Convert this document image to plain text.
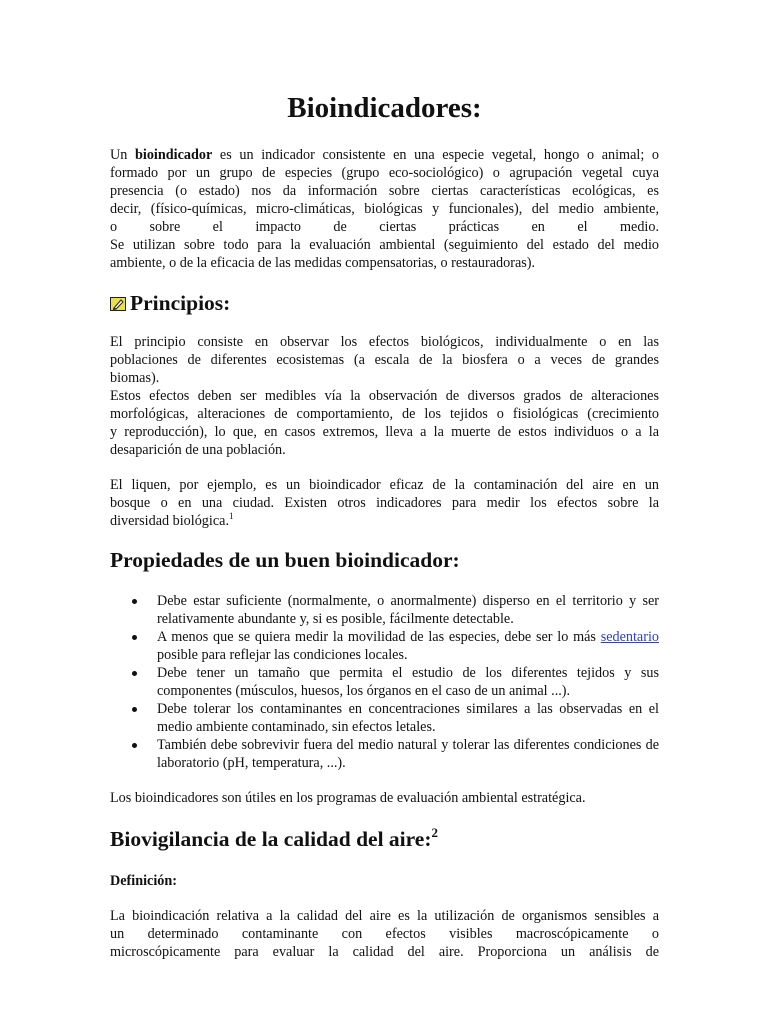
Bioindicadores:
Un bioindicador es un indicador consistente en una especie vegetal, hongo o animal; o
formado por un grupo de especies (grupo eco-sociológico) o agrupación vegetal cuya
presencia (o estado) nos da información sobre ciertas características ecológicas, es
decir, (físico-químicas, micro-climáticas, biológicas y funcionales), del medio ambiente,
o sobre el impacto de ciertas prácticas en el medio.
Se utilizan sobre todo para la evaluación ambiental (seguimiento del estado del medio
ambiente, o de la eficacia de las medidas compensatorias, o restauradoras).
Principios:
El principio consiste en observar los efectos biológicos, individualmente o en las
poblaciones de diferentes ecosistemas (a escala de la biosfera o a veces de grandes
biomas).
Estos efectos deben ser medibles vía la observación de diversos grados de alteraciones
morfológicas, alteraciones de comportamiento, de los tejidos o fisiológicas (crecimiento
y reproducción), lo que, en casos extremos, lleva a la muerte de estos individuos o a la
desaparición de una población.
El liquen, por ejemplo, es un bioindicador eficaz de la contaminación del aire en un
bosque o en una ciudad. Existen otros indicadores para medir los efectos sobre la
diversidad biológica.$^1$
Propiedades de un buen bioindicador:
Debe estar suficiente (normalmente, o anormalmente) disperso en el territorio y ser relativamente abundante y, si es posible, fácilmente detectable.
A menos que se quiera medir la movilidad de las especies, debe ser lo más sedentario posible para reflejar las condiciones locales.
Debe tener un tamaño que permita el estudio de los diferentes tejidos y sus componentes (músculos, huesos, los órganos en el caso de un animal ...).
Debe tolerar los contaminantes en concentraciones similares a las observadas en el medio ambiente contaminado, sin efectos letales.
También debe sobrevivir fuera del medio natural y tolerar las diferentes condiciones de laboratorio (pH, temperatura, ...).
Los bioindicadores son útiles en los programas de evaluación ambiental estratégica.
Biovigilancia de la calidad del aire:$^2$
Definición:
La bioindicación relativa a la calidad del aire es la utilización de organismos sensibles a
un determinado contaminante con efectos visibles macroscópicamente o
microscópicamente para evaluar la calidad del aire. Proporciona un análisis de
